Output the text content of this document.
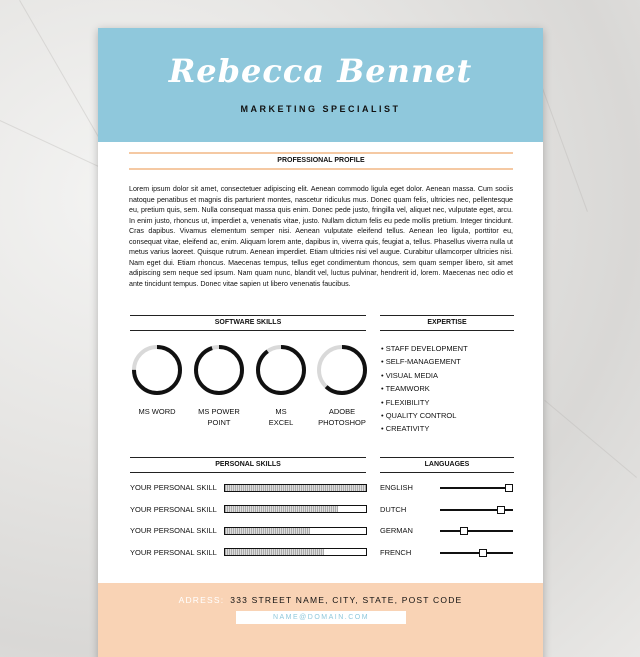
Rebecca Bennet
MARKETING SPECIALIST
PROFESSIONAL PROFILE
Lorem ipsum dolor sit amet, consectetuer adipiscing elit. Aenean commodo ligula eget dolor. Aenean massa. Cum sociis natoque penatibus et magnis dis parturient montes, nascetur ridiculus mus. Donec quam felis, ultricies nec, pellentesque eu, pretium quis, sem. Nulla consequat massa quis enim. Donec pede justo, fringilla vel, aliquet nec, vulputate eget, arcu. In enim justo, rhoncus ut, imperdiet a, venenatis vitae, justo. Nullam dictum felis eu pede mollis pretium. Integer tincidunt. Cras dapibus. Vivamus elementum semper nisi. Aenean vulputate eleifend tellus. Aenean leo ligula, porttitor eu, consequat vitae, eleifend ac, enim. Aliquam lorem ante, dapibus in, viverra quis, feugiat a, tellus. Phasellus viverra nulla ut metus varius laoreet. Quisque rutrum. Aenean imperdiet. Etiam ultricies nisi vel augue. Curabitur ullamcorper ultricies nisi. Nam eget dui. Etiam rhoncus. Maecenas tempus, tellus eget condimentum rhoncus, sem quam semper libero, sit amet adipiscing sem neque sed ipsum. Nam quam nunc, blandit vel, luctus pulvinar, hendrerit id, lorem. Maecenas nec odio et ante tincidunt tempus. Donec vitae sapien ut libero venenatis faucibus.
SOFTWARE SKILLS
MS WORD	MS POWER
POINT
MS
EXCEL
ADOBE
PHOTOSHOP
EXPERTISE
• STAFF DEVELOPMENT
• SELF-MANAGEMENT
• VISUAL MEDIA
• TEAMWORK
• FLEXIBILITY
• QUALITY CONTROL
• CREATIVITY
PERSONAL SKILLS
YOUR PERSONAL SKILL
YOUR PERSONAL SKILL
YOUR PERSONAL SKILL
YOUR PERSONAL SKILL
LANGUAGES
ENGLISH
DUTCH
GERMAN
FRENCH
ADRESS: 333 STREET NAME, CITY, STATE, POST CODE
NAME@DOMAIN.COM
